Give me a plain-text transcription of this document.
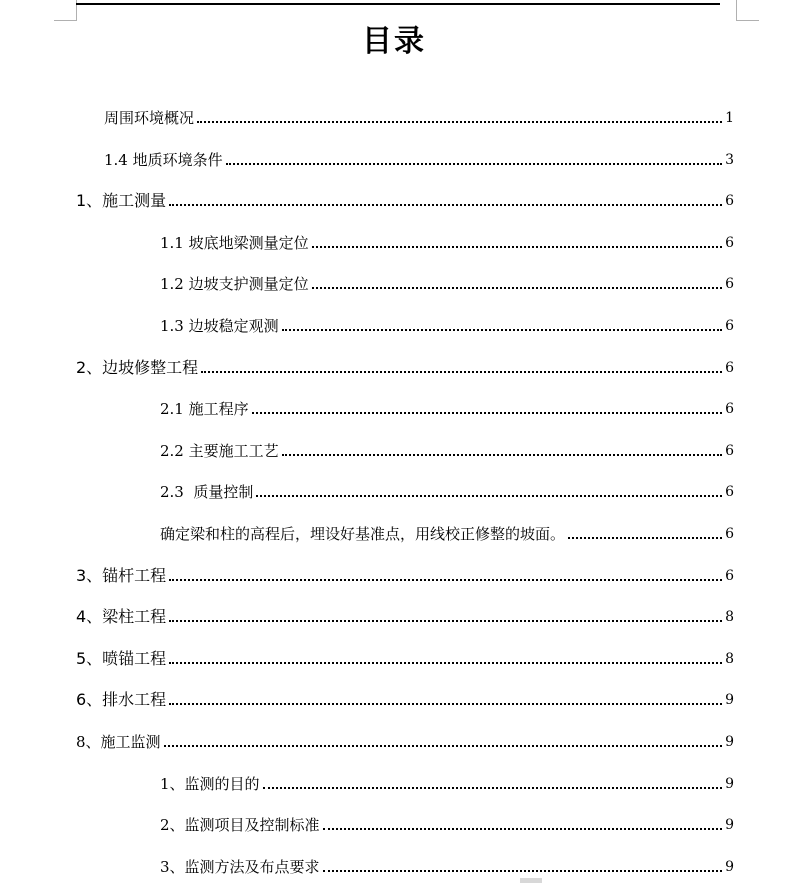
目录
周围环境概况	1
1.4 地质环境条件	3
1、施工测量	6
1.1 坡底地梁测量定位	6
1.2 边坡支护测量定位	6
1.3 边坡稳定观测	6
2、边坡修整工程	6
2.1 施工程序	6
2.2 主要施工工艺	6
2.3  质量控制	6
确定梁和柱的高程后，埋设好基准点，用线校正修整的坡面。	6
3、锚杆工程	6
4、梁柱工程	8
5、喷锚工程	8
6、排水工程	9
8、施工监测	9
1、监测的目的	9
2、监测项目及控制标准	9
3、监测方法及布点要求	9
